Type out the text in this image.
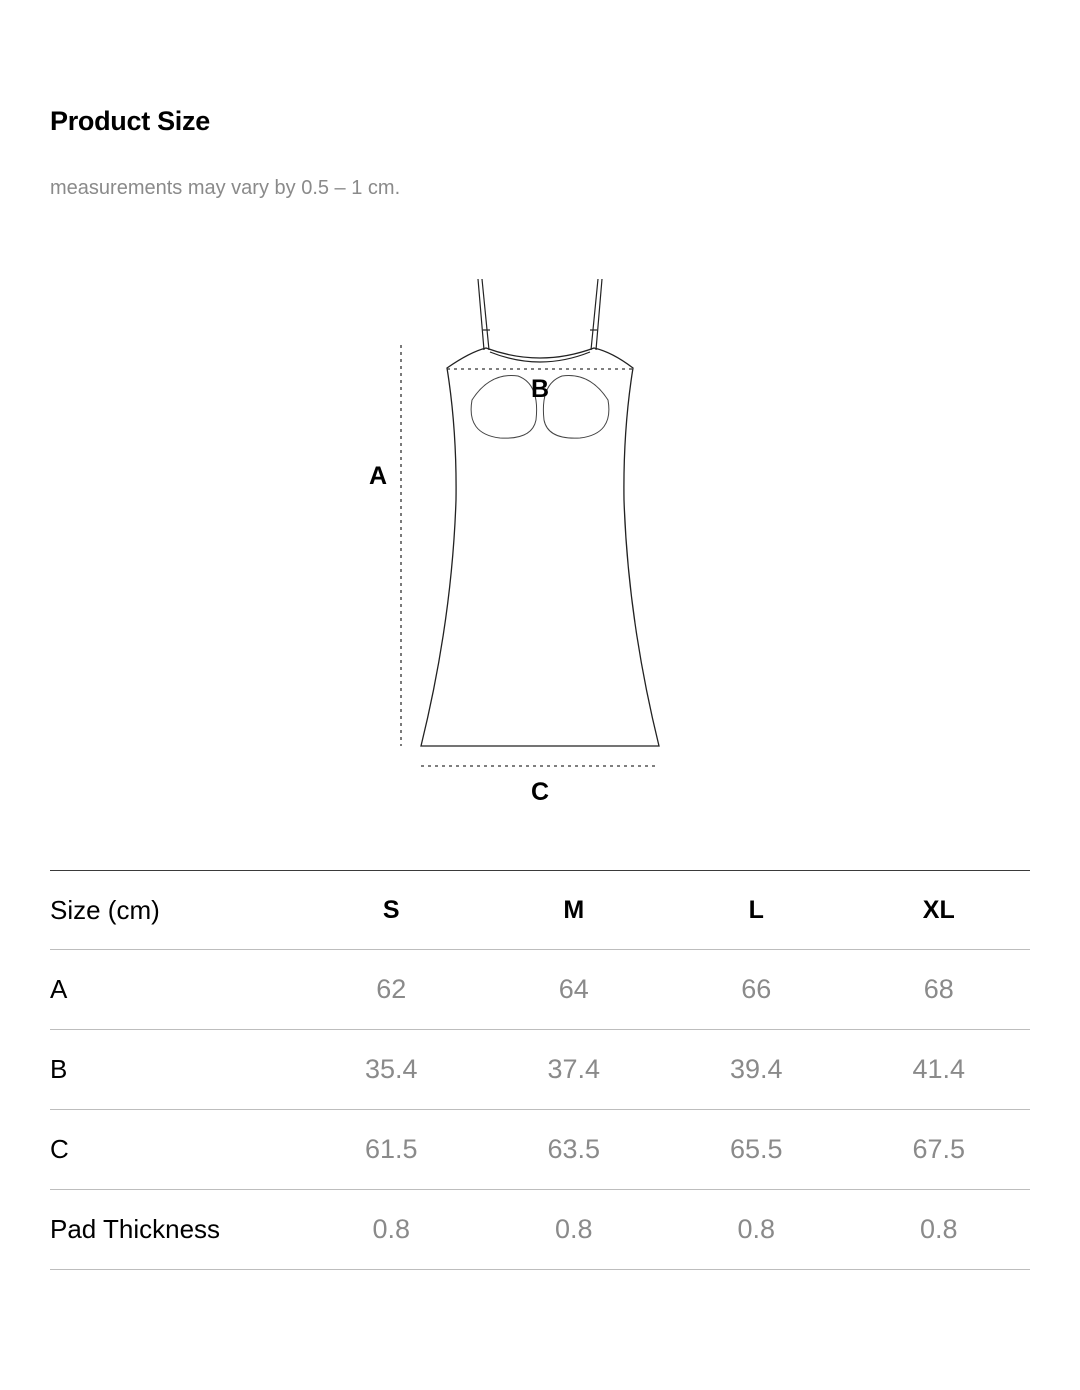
Product Size
measurements may vary by 0.5 – 1 cm.
A
B
C
Size (cm)	S	M	L	XL
A	62	64	66	68
B	35.4	37.4	39.4	41.4
C	61.5	63.5	65.5	67.5
Pad Thickness	0.8	0.8	0.8	0.8
